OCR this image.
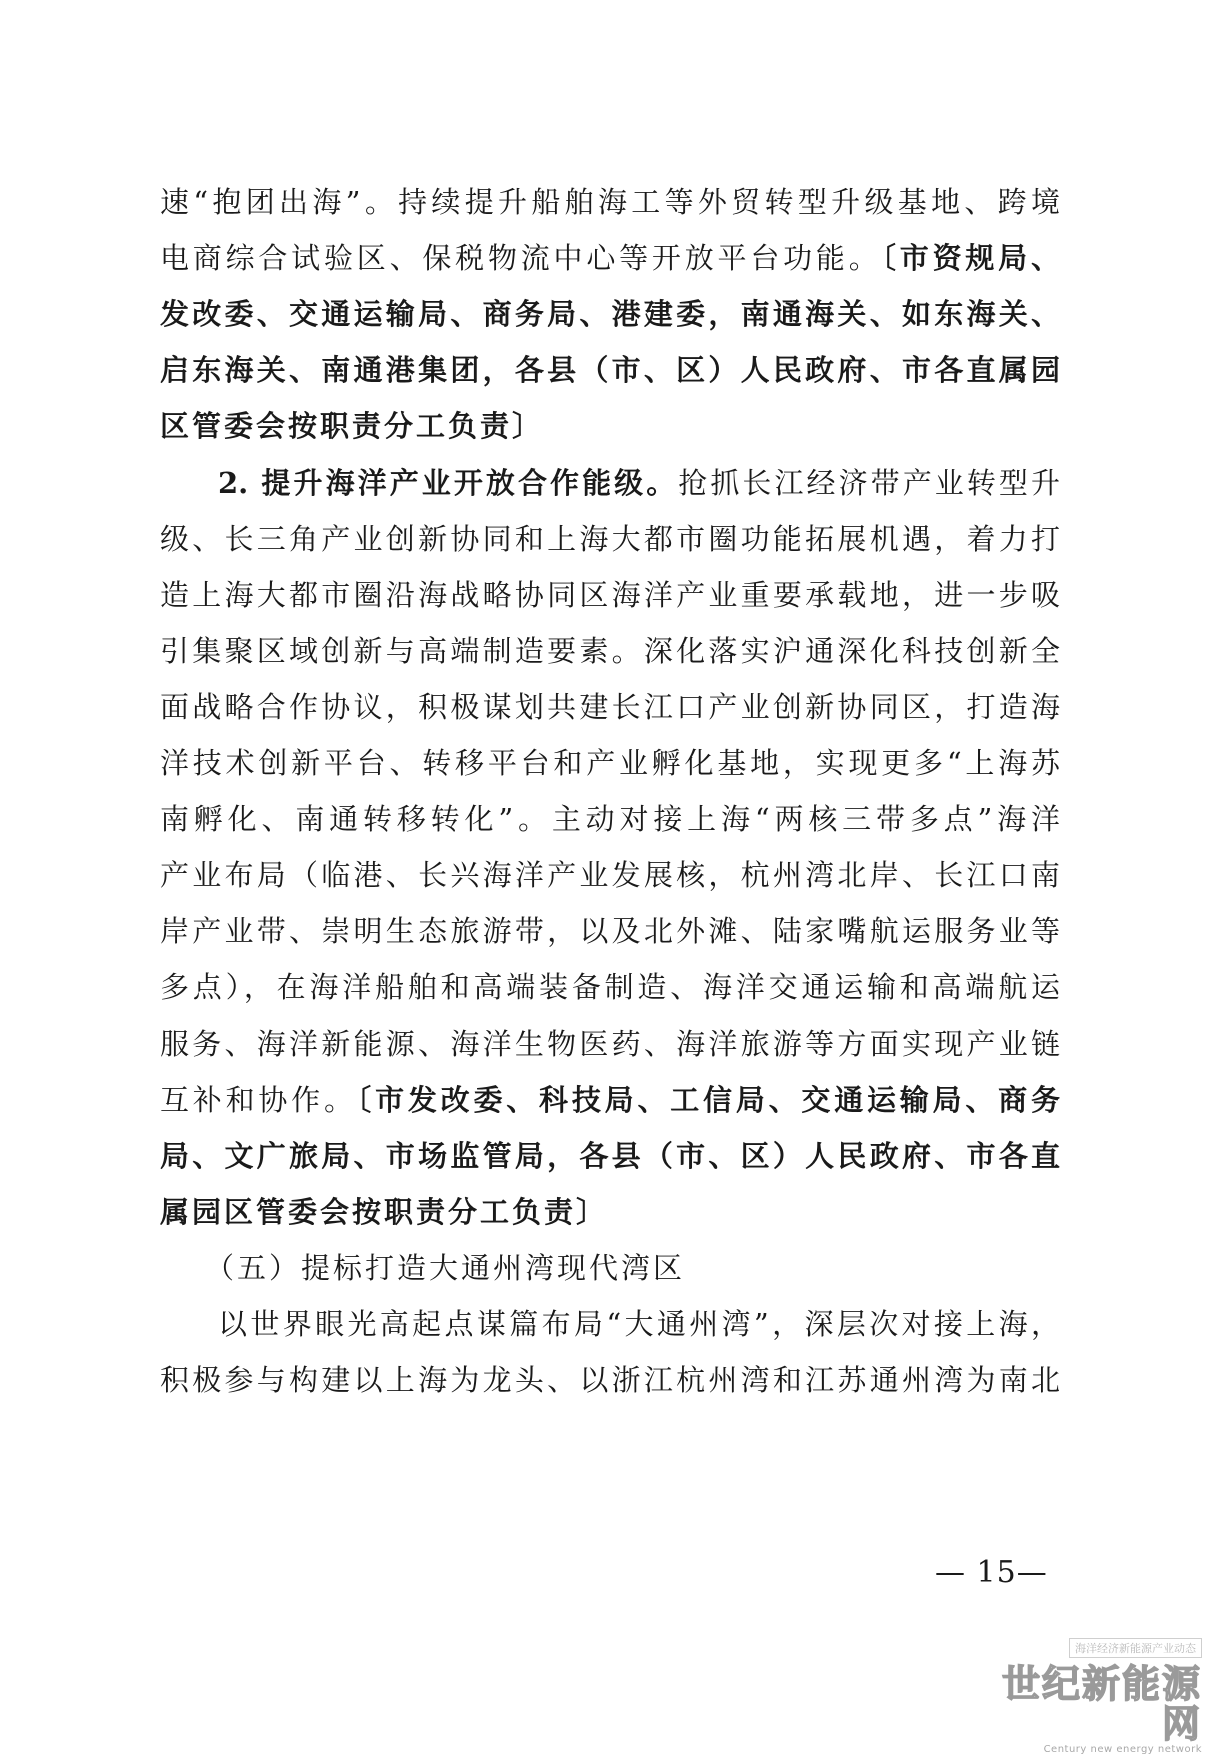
速“抱团出海”。持续提升船舶海工等外贸转型升级基地、跨境
电商综合试验区、保税物流中心等开放平台功能。〔市资规局、
发改委、交通运输局、商务局、港建委，南通海关、如东海关、
启东海关、南通港集团，各县（市、区）人民政府、市各直属园
区管委会按职责分工负责〕
2. 提升海洋产业开放合作能级。抢抓长江经济带产业转型升
级、长三角产业创新协同和上海大都市圈功能拓展机遇，着力打
造上海大都市圈沿海战略协同区海洋产业重要承载地，进一步吸
引集聚区域创新与高端制造要素。深化落实沪通深化科技创新全
面战略合作协议，积极谋划共建长江口产业创新协同区，打造海
洋技术创新平台、转移平台和产业孵化基地，实现更多“上海苏
南孵化、南通转移转化”。主动对接上海“两核三带多点”海洋
产业布局（临港、长兴海洋产业发展核，杭州湾北岸、长江口南
岸产业带、崇明生态旅游带，以及北外滩、陆家嘴航运服务业等
多点），在海洋船舶和高端装备制造、海洋交通运输和高端航运
服务、海洋新能源、海洋生物医药、海洋旅游等方面实现产业链
互补和协作。〔市发改委、科技局、工信局、交通运输局、商务
局、文广旅局、市场监管局，各县（市、区）人民政府、市各直
属园区管委会按职责分工负责〕
（五）提标打造大通州湾现代湾区
以世界眼光高起点谋篇布局“大通州湾”，深层次对接上海，
积极参与构建以上海为龙头、以浙江杭州湾和江苏通州湾为南北
— 15—
海洋经济新能源产业动态
世纪新能源网
Century new energy network
